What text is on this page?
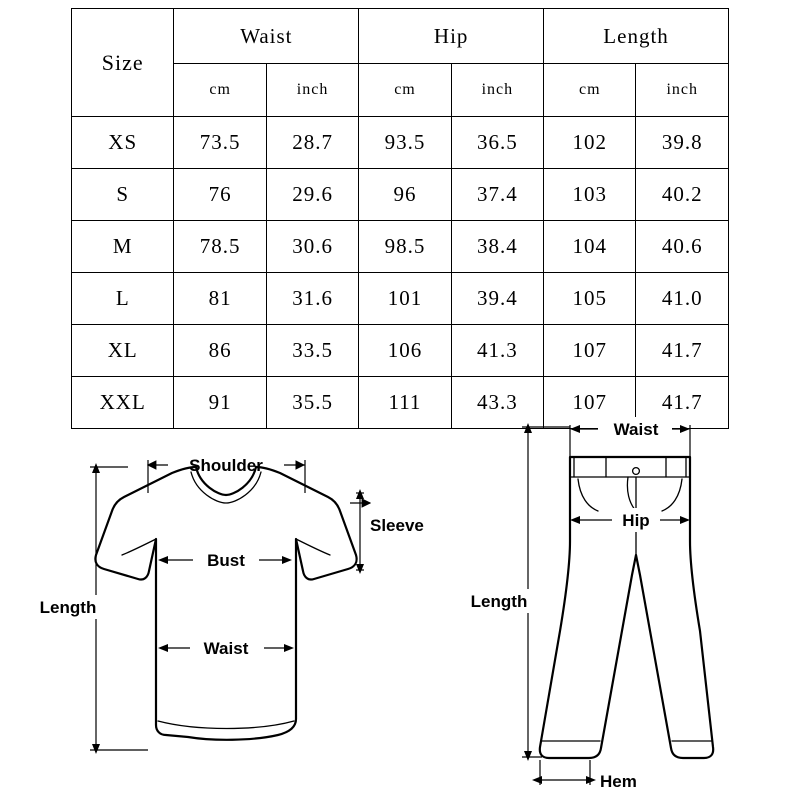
Size	Waist		Hip		Length	
	cm	inch	cm	inch	cm	inch
XS	73.5	28.7	93.5	36.5	102	39.8
S	76	29.6	96	37.4	103	40.2
M	78.5	30.6	98.5	38.4	104	40.6
L	81	31.6	101	39.4	105	41.0
XL	86	33.5	106	41.3	107	41.7
XXL	91	35.5	111	43.3	107	41.7
Shoulder
Sleeve
Bust
Waist
Length
Waist
Hip
Length
Hem
